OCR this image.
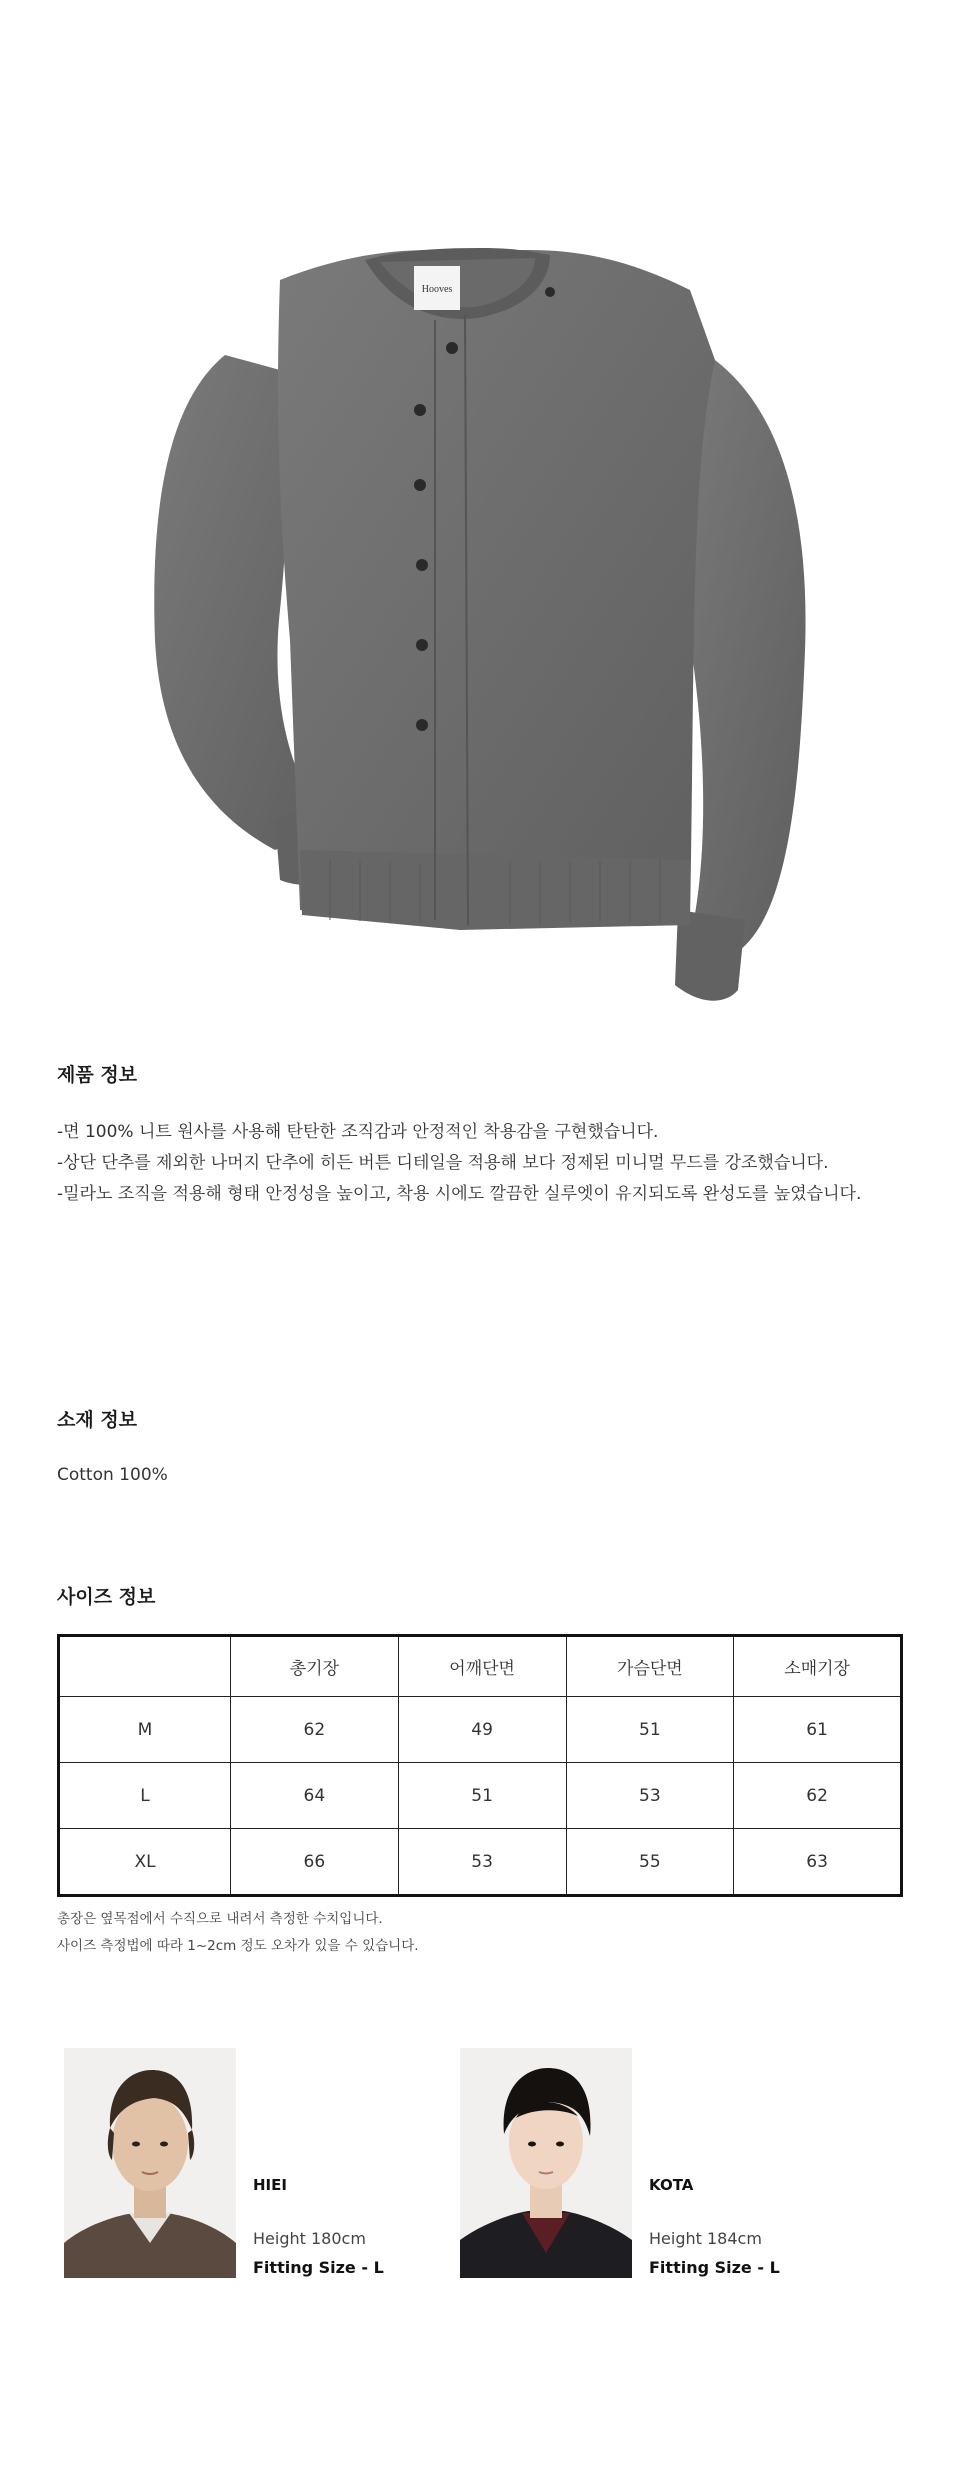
Hooves
제품 정보
-면 100% 니트 원사를 사용해 탄탄한 조직감과 안정적인 착용감을 구현했습니다.
-상단 단추를 제외한 나머지 단추에 히든 버튼 디테일을 적용해 보다 정제된 미니멀 무드를 강조했습니다.
-밀라노 조직을 적용해 형태 안정성을 높이고, 착용 시에도 깔끔한 실루엣이 유지되도록 완성도를 높였습니다.
소재 정보
Cotton 100%
사이즈 정보
	총기장	어깨단면	가슴단면	소매기장
M	62	49	51	61
L	64	51	53	62
XL	66	53	55	63
총장은 옆목점에서 수직으로 내려서 측정한 수치입니다.
사이즈 측정법에 따라 1~2cm 정도 오차가 있을 수 있습니다.
HIEI
Height 180cm
Fitting Size - L
KOTA
Height 184cm
Fitting Size - L
